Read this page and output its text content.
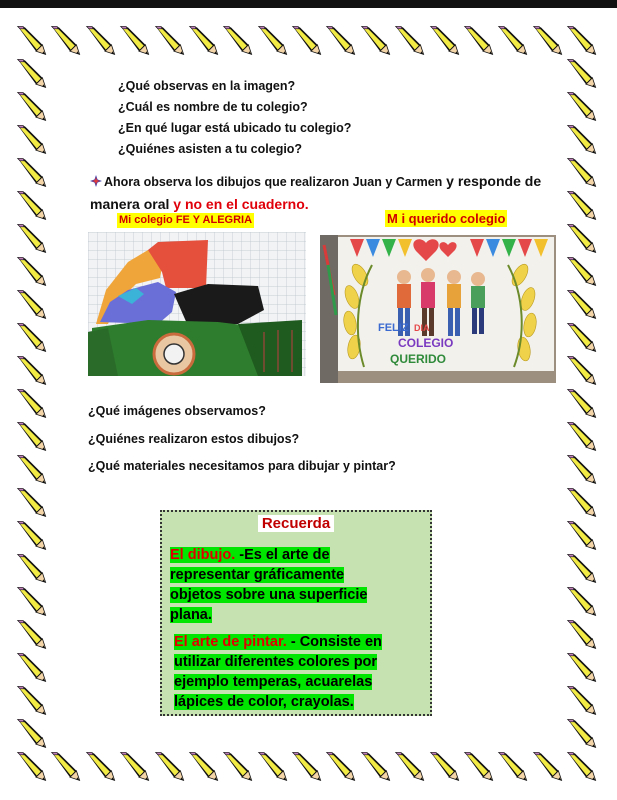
¿Qué observas en la imagen?
¿Cuál es nombre de tu colegio?
¿En qué lugar está ubicado tu colegio?
¿Quiénes asisten a tu colegio?
Ahora observa los dibujos que realizaron Juan y Carmen y responde de manera oral y no en el cuaderno.
Mi colegio FE Y ALEGRIA	M i querido colegio
FELIZ DIA
COLEGIO
QUERIDO
¿Qué imágenes observamos?
¿Quiénes realizaron estos dibujos?
¿Qué materiales necesitamos para dibujar y pintar?
Recuerda
El dibujo. -Es el arte de
representar gráficamente
objetos sobre una superficie
plana.
El arte de pintar. - Consiste en
utilizar diferentes colores por
ejemplo temperas, acuarelas
lápices de color, crayolas.
